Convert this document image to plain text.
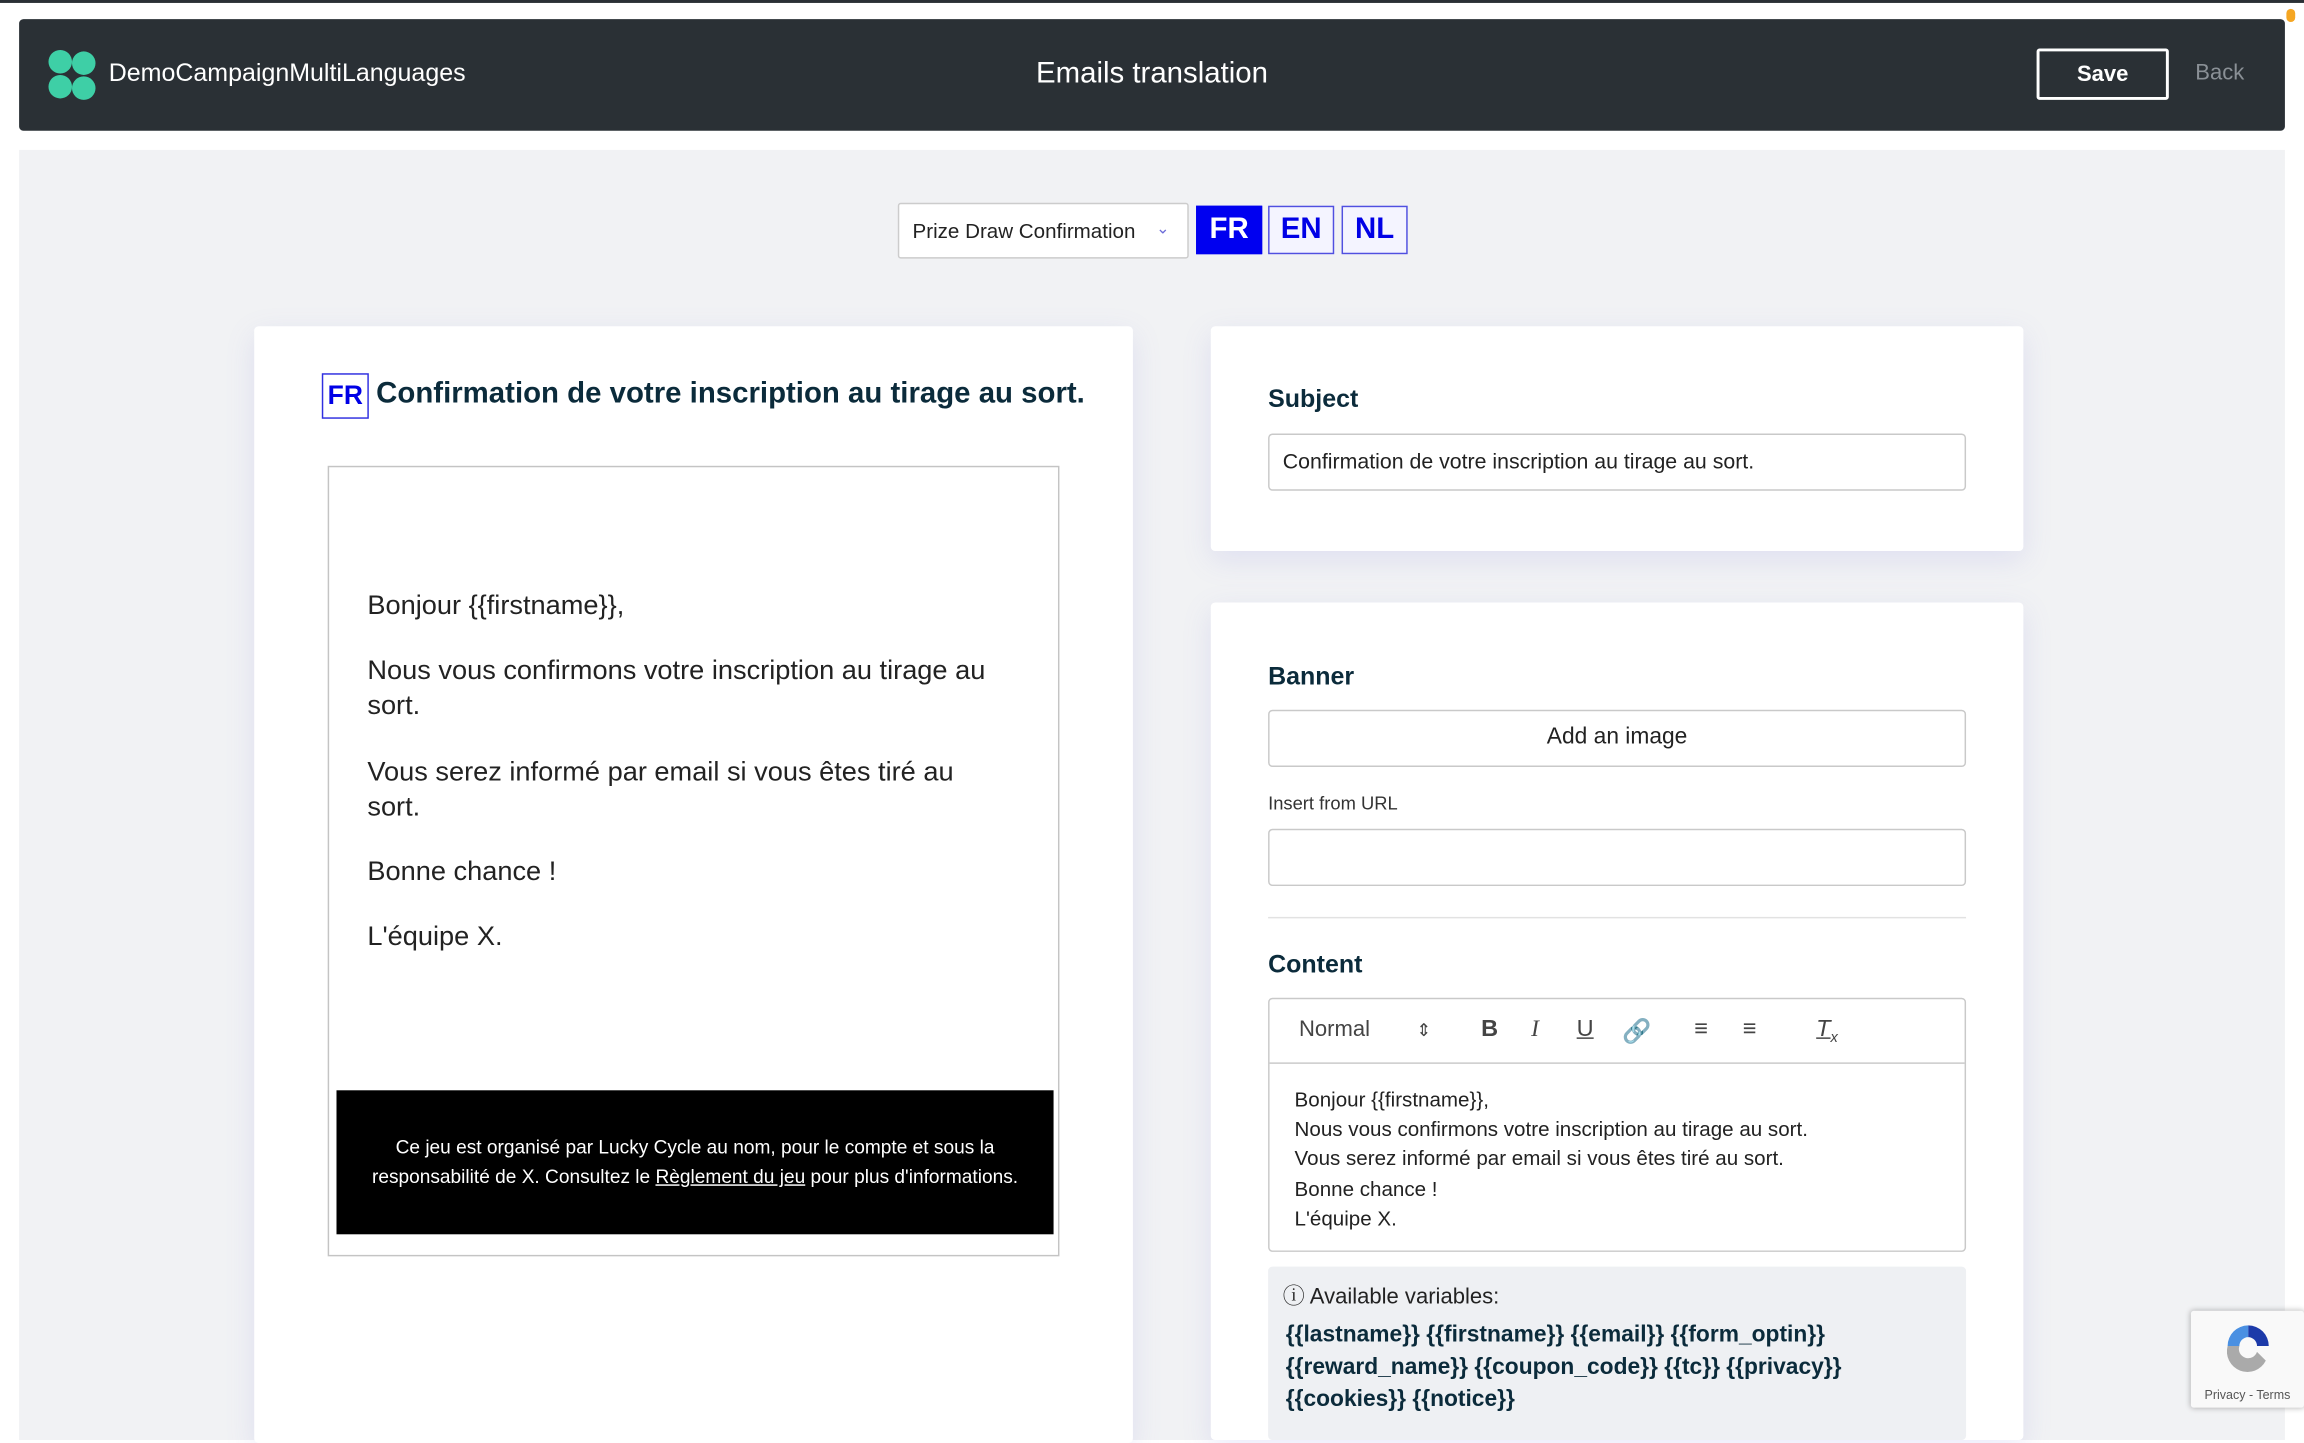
DemoCampaignMultiLanguages	Emails translation	Save	Back
Prize Draw Confirmation ⌄	FR	EN	NL
FR Confirmation de votre inscription au tirage au sort.

Bonjour {{firstname}},

Nous vous confirmons votre inscription au tirage au sort.

Vous serez informé par email si vous êtes tiré au sort.

Bonne chance !

L'équipe X.

Ce jeu est organisé par Lucky Cycle au nom, pour le compte et sous la responsabilité de X. Consultez le Règlement du jeu pour plus d'informations.
Subject
Confirmation de votre inscription au tirage au sort.
Banner
Add an image
Insert from URL
Content
Normal	⇕	B I U 🔗	≡ ≡	$T_x$
Bonjour {{firstname}},
Nous vous confirmons votre inscription au tirage au sort.
Vous serez informé par email si vous êtes tiré au sort.
Bonne chance !
L'équipe X.
ⓘ Available variables:
{{lastname}} {{firstname}} {{email}} {{form_optin}} {{reward_name}} {{coupon_code}} {{tc}} {{privacy}} {{cookies}} {{notice}}	Privacy - Terms
